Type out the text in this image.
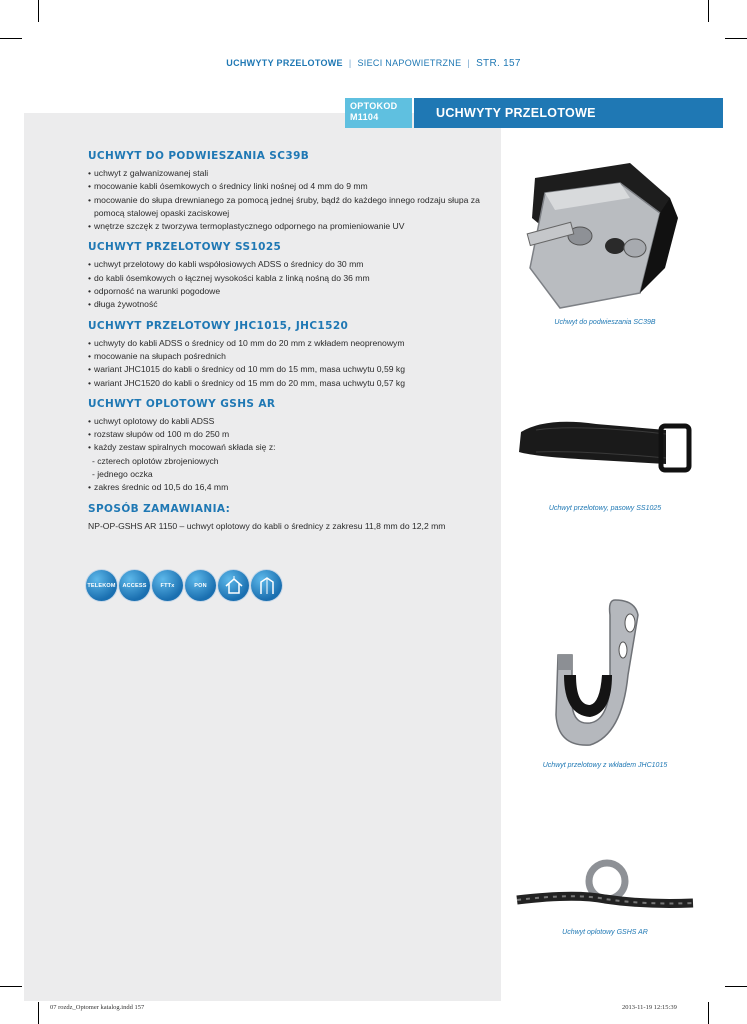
UCHWYTY PRZELOTOWE | SIECI NAPOWIETRZNE | STR. 157
OPTOKOD
M1104	UCHWYTY PRZELOTOWE
UCHWYT DO PODWIESZANIA SC39B
• uchwyt z galwanizowanej stali
• mocowanie kabli ósemkowych o średnicy linki nośnej od 4 mm do 9 mm
• mocowanie do słupa drewnianego za pomocą jednej śruby, bądź do każdego innego rodzaju słupa za pomocą stalowej opaski zaciskowej
• wnętrze szczęk z tworzywa termoplastycznego odpornego na promieniowanie UV
UCHWYT PRZELOTOWY SS1025
• uchwyt przelotowy do kabli współosiowych ADSS o średnicy do 30 mm
• do kabli ósemkowych o łącznej wysokości kabla z linką nośną do 36 mm
• odporność na warunki pogodowe
• długa żywotność
UCHWYT PRZELOTOWY JHC1015, JHC1520
• uchwyty do kabli ADSS o średnicy od 10 mm do 20 mm z wkładem neoprenowym
• mocowanie na słupach pośrednich
• wariant JHC1015 do kabli o średnicy od 10 mm do 15 mm, masa uchwytu 0,59 kg
• wariant JHC1520 do kabli o średnicy od 15 mm do 20 mm, masa uchwytu 0,57 kg
UCHWYT OPLOTOWY GSHS AR
• uchwyt oplotowy do kabli ADSS
• rozstaw słupów od 100 m do 250 m
• każdy zestaw spiralnych mocowań składa się z:
- czterech oplotów zbrojeniowych
- jednego oczka
• zakres średnic od 10,5 do 16,4 mm
SPOSÓB ZAMAWIANIA:
NP-OP-GSHS AR 1150 – uchwyt oplotowy do kabli o średnicy z zakresu 11,8 mm do 12,2 mm
TELEKOM	ACCESS	FTTx	PON
Uchwyt do podwieszania SC39B
Uchwyt przelotowy, pasowy SS1025
Uchwyt przelotowy z wkładem JHC1015
Uchwyt oplotowy GSHS AR
07 rozdz_Optomer katalog.indd 157	2013-11-19 12:15:39
